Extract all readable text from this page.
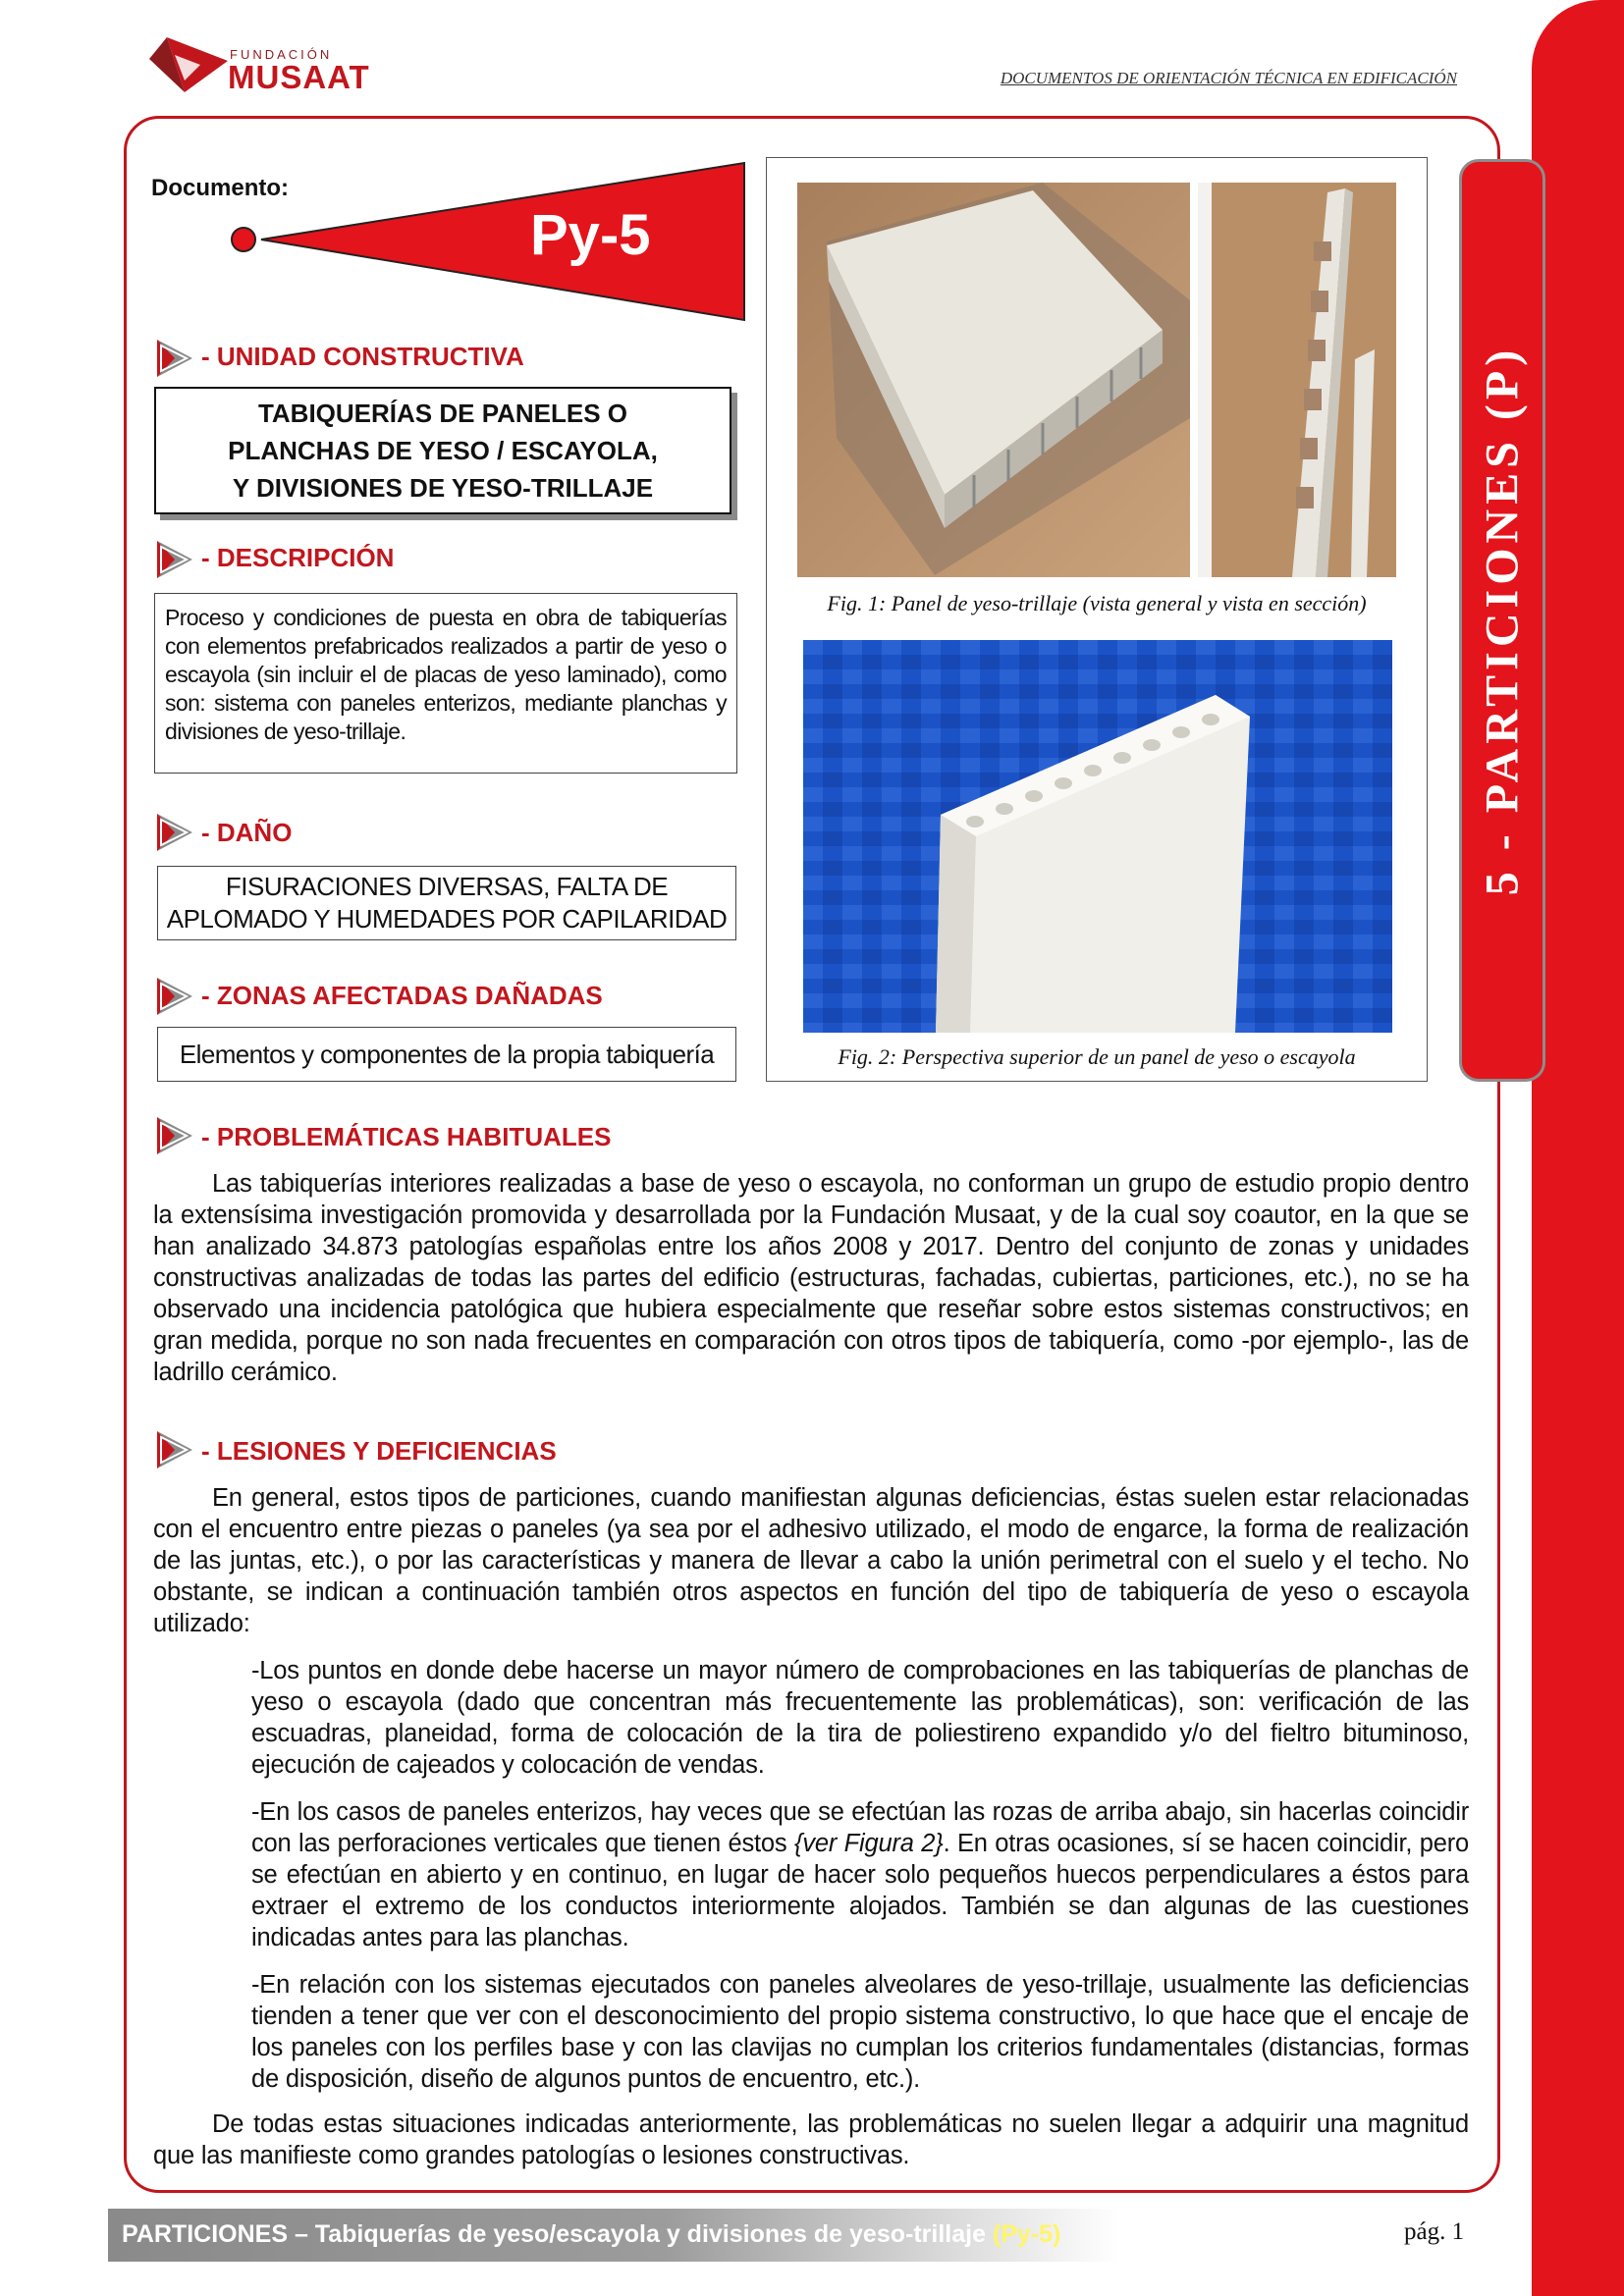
FUNDACIÓN
MUSAAT	DOCUMENTOS DE ORIENTACIÓN TÉCNICA EN EDIFICACIÓN
5 - PARTICIONES (P)
Documento:
Py-5
- UNIDAD CONSTRUCTIVA
TABIQUERÍAS DE PANELES O
PLANCHAS DE YESO / ESCAYOLA,
Y DIVISIONES DE YESO-TRILLAJE
- DESCRIPCIÓN
Proceso y condiciones de puesta en obra de tabiquerías con elementos prefabricados realizados a partir de yeso o escayola (sin incluir el de placas de yeso laminado), como son: sistema con paneles enterizos, mediante planchas y divisiones de yeso-trillaje.
- DAÑO
FISURACIONES DIVERSAS, FALTA DE
APLOMADO Y HUMEDADES POR CAPILARIDAD
- ZONAS AFECTADAS DAÑADAS
Elementos y componentes de la propia tabiquería
Fig. 1: Panel de yeso-trillaje (vista general y vista en sección)
Fig. 2: Perspectiva superior de un panel de yeso o escayola
- PROBLEMÁTICAS HABITUALES
Las tabiquerías interiores realizadas a base de yeso o escayola, no conforman un grupo de estudio propio dentro la extensísima investigación promovida y desarrollada por la Fundación Musaat, y de la cual soy coautor, en la que se han analizado 34.873 patologías españolas entre los años 2008 y 2017. Dentro del conjunto de zonas y unidades constructivas analizadas de todas las partes del edificio (estructuras, fachadas, cubiertas, particiones, etc.), no se ha observado una incidencia patológica que hubiera especialmente que reseñar sobre estos sistemas constructivos; en gran medida, porque no son nada frecuentes en comparación con otros tipos de tabiquería, como -por ejemplo-, las de ladrillo cerámico.
- LESIONES Y DEFICIENCIAS
En general, estos tipos de particiones, cuando manifiestan algunas deficiencias, éstas suelen estar relacionadas con el encuentro entre piezas o paneles (ya sea por el adhesivo utilizado, el modo de engarce, la forma de realización de las juntas, etc.), o por las características y manera de llevar a cabo la unión perimetral con el suelo y el techo. No obstante, se indican a continuación también otros aspectos en función del tipo de tabiquería de yeso o escayola utilizado:
-Los puntos en donde debe hacerse un mayor número de comprobaciones en las tabiquerías de planchas de yeso o escayola (dado que concentran más frecuentemente las problemáticas), son: verificación de las escuadras, planeidad, forma de colocación de la tira de poliestireno expandido y/o del fieltro bituminoso, ejecución de cajeados y colocación de vendas.
-En los casos de paneles enterizos, hay veces que se efectúan las rozas de arriba abajo, sin hacerlas coincidir con las perforaciones verticales que tienen éstos {ver Figura 2}. En otras ocasiones, sí se hacen coincidir, pero se efectúan en abierto y en continuo, en lugar de hacer solo pequeños huecos perpendiculares a éstos para extraer el extremo de los conductos interiormente alojados. También se dan algunas de las cuestiones indicadas antes para las planchas.
-En relación con los sistemas ejecutados con paneles alveolares de yeso-trillaje, usualmente las deficiencias tienden a tener que ver con el desconocimiento del propio sistema constructivo, lo que hace que el encaje de los paneles con los perfiles base y con las clavijas no cumplan los criterios fundamentales (distancias, formas de disposición, diseño de algunos puntos de encuentro, etc.).
De todas estas situaciones indicadas anteriormente, las problemáticas no suelen llegar a adquirir una magnitud que las manifieste como grandes patologías o lesiones constructivas.
PARTICIONES – Tabiquerías de yeso/escayola y divisiones de yeso-trillaje (Py-5)	pág. 1
